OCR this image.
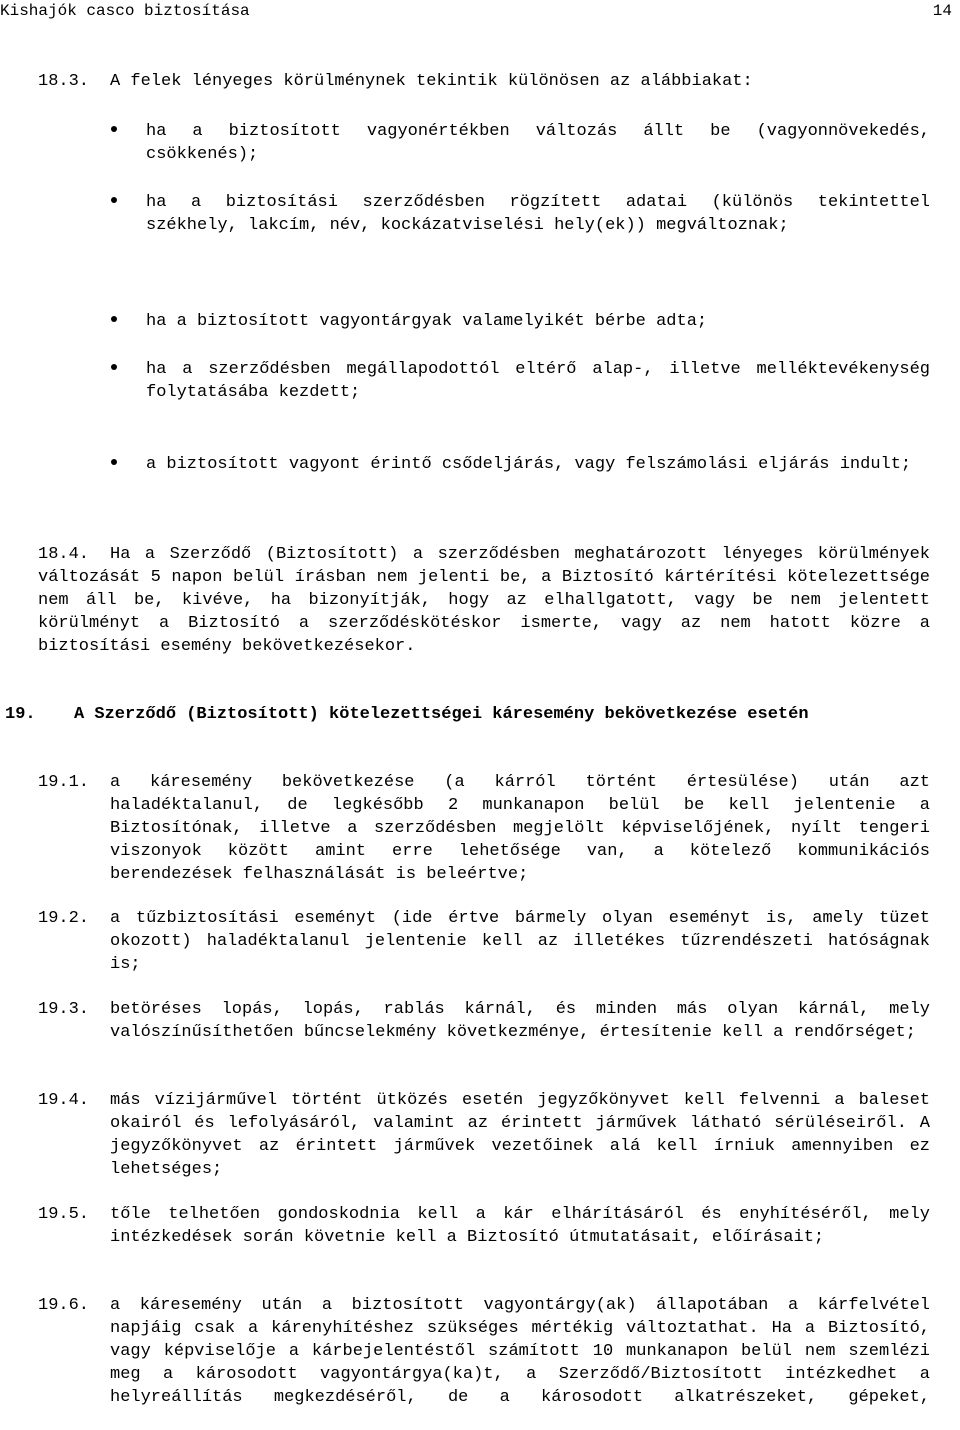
Kishajók casco biztosítása	14
18.3. A felek lényeges körülménynek tekintik különösen az alábbiakat:
ha a biztosított vagyonértékben változás állt be (vagyonnövekedés, csökkenés);
ha a biztosítási szerződésben rögzített adatai (különös tekintettel székhely, lakcím, név, kockázatviselési hely(ek)) megváltoznak;
ha a biztosított vagyontárgyak valamelyikét bérbe adta;
ha a szerződésben megállapodottól eltérő alap-, illetve melléktevékenység folytatásába kezdett;
a biztosított vagyont érintő csődeljárás, vagy felszámolási eljárás indult;
18.4.	Ha a Szerződő (Biztosított) a szerződésben meghatározott lényeges körülmények változását 5 napon belül írásban nem jelenti be, a Biztosító kártérítési kötelezettsége nem áll be, kivéve, ha bizonyítják, hogy az elhallgatott, vagy be nem jelentett körülményt a Biztosító a szerződéskötéskor ismerte, vagy az nem hatott közre a biztosítási esemény bekövetkezésekor.
19. A Szerződő (Biztosított) kötelezettségei káresemény bekövetkezése esetén
19.1. a káresemény bekövetkezése (a kárról történt értesülése) után azt haladéktalanul, de legkésőbb 2 munkanapon belül be kell jelentenie a Biztosítónak, illetve a szerződésben megjelölt képviselőjének, nyílt tengeri viszonyok között amint erre lehetősége van, a kötelező kommunikációs berendezések felhasználását is beleértve;
19.2. a tűzbiztosítási eseményt (ide értve bármely olyan eseményt is, amely tüzet okozott) haladéktalanul jelentenie kell az illetékes tűzrendészeti hatóságnak is;
19.3. betöréses lopás, lopás, rablás kárnál, és minden más olyan kárnál, mely valószínűsíthetően bűncselekmény következménye, értesítenie kell a rendőrséget;
19.4. más vízijárművel történt ütközés esetén jegyzőkönyvet kell felvenni a baleset okairól és lefolyásáról, valamint az érintett járművek látható sérüléseiről. A jegyzőkönyvet az érintett járművek vezetőinek alá kell írniuk amennyiben ez lehetséges;
19.5. tőle telhetően gondoskodnia kell a kár elhárításáról és enyhítéséről, mely intézkedések során követnie kell a Biztosító útmutatásait, előírásait;
19.6. a káresemény után a biztosított vagyontárgy(ak) állapotában a kárfelvétel napjáig csak a kárenyhítéshez szükséges mértékig változtathat. Ha a Biztosító, vagy képviselője a kárbejelentéstől számított 10 munkanapon belül nem szemlézi meg a károsodott vagyontárgya(ka)t, a Szerződő/Biztosított intézkedhet a helyreállítás megkezdéséről, de a károsodott alkatrészeket, gépeket,
